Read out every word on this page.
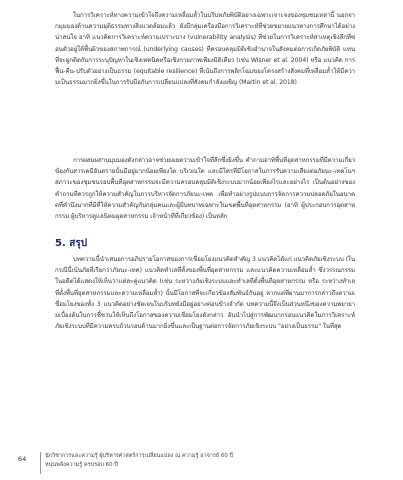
ในการวิเคราะห์ทางความเข้าใจถึงความเหลื่อมล้ำในบริบทภัยพิบัติอย่างเฉพาะเจาะจงของชุมชนเหล่านี้ นอกจากมุมมองด้านความยุติธรรมทางสิ่งแวดล้อมแล้ว ยังมีกลุ่มเครื่องมือการวิเคราะห์ที่ช่วยขยายแนวทางการศึกษาได้อย่างน่าสนใจ อาทิ แนวคิดการวิเคราะห์ความเปราะบาง (vulnerability analysis) ที่ช่วยในการวิเคราะห์สาเหตุเชิงลึกที่ซ่อนตัวอยู่ใต้พื้นผิวของสภาพการณ์ (underlying causes) ที่ครอบคลุมมิติเชิงอำนาจในสังคมต่อการเกิดภัยพิบัติ แทนที่จะผูกติดกับการระบุปัญหาในเชิงเทคนิคหรือเชิงกายภาพเพียงมิติเดียว (เช่น Wisner et al. 2004) หรือ แนวคิด การฟื้น-คืน-ปรับตัวอย่างเป็นธรรม (equitable resilience) ที่เน้นถึงการพลิกโฉมของโครงสร้างสังคมที่เหลื่อมล้ำให้มีความเป็นธรรมมากยิ่งขึ้นในการรับมือกับการเปลี่ยนแปลงที่สังคมกำลังเผชิญ (Martin et al. 2018)
การผสมผสานมุมมองดังกล่าวอาจช่วยเผยความเข้าใจที่ลึกซึ้งยิ่งขึ้น คำถามอาทิพื้นที่อุตสาหกรรมที่มีความเกี่ยวข้องกับสารเคมีอันตรายนั้นมีอยู่มากน้อยเพียงใด บริเวณใด และมีใครที่มีโอกาสในการรับความเสี่ยงต่อภัยนะ-เทคโนฯ สภาวะของชุมชนรอบพื้นที่อุตสาหกรรมจะมีความครอบคลุมมิติเชิงระบบมากน้อยเพียงไรและอย่างไร เป็นต้นอย่างของคำถามที่ควรถูกให้ความสำคัญในการบริหารจัดการภัยนะ-เทค เพื่อทำอย่างรูปแบบการจัดการความปลอดภัยในอนาคตที่คำนึงมากที่มีที่ให้ความสำคัญกับกลุ่มคนและผู้มีบทบาทเฉพาะในเขตพื้นที่อุตสาหกรรม (อาทิ ผู้ประกอบการอุตสาหกรรม ผู้บริหารดูแลนิคมอุตสาหกรรม เจ้าหน้าที่ที่เกี่ยวข้อง) เป็นหลัก
5. สรุป
บทความนี้นำเสนอการอภิปรายโอกาสของการเชื่อมโยงแนวคิดสำคัญ 3 แนวคิดได้แก่ แนวคิดภัยเชิงระบบ (ในกรณีนี้เน้นภัยที่เรียกว่าภัยนะ-เทค) แนวคิดทำเลที่ตั้งของพื้นที่อุตสาหกรรม และแนวคิดความเหลื่อมล้ำ ซึ่งวรรณกรรมในอดีตได้แสดงให้เห็นว่าแต่ละคู่แนวคิด (เช่น ระหว่างภัยเชิงระบบและทำเลที่ตั้งพื้นที่อุตสาหกรรม หรือ ระหว่างทำเลที่ตั้งพื้นที่อุตสาหกรรมและความเหลื่อมล้ำ) นั้นมีโอกาสที่จะเกี่ยวข้องสัมพันธ์กันอยู่ หากแต่ที่ผ่านมาการกล่าวถึงความเชื่อมโยงของทั้ง 3 แนวคิดอย่างชัดเจนในบริบทยังมีอยู่อย่างค่อนข้างจำกัด บทความนี้จึงเป็นส่วนหนึ่งของความพยายามเบื้องต้นในการชี้ชวนให้เห็นถึงโอกาสของความเชื่อมโยงดังกล่าว อันนำไปสู่การพัฒนากรอบแนวคิดในการวิเคราะห์ภัยเชิงระบบที่มีความครบถ้วนรอบด้านมากยิ่งขึ้นและเป็นฐานต่อการจัดการภัยเชิงระบบ "อย่างเป็นธรรม" ในที่สุด
64	นักวิชาการและความรู้ ผู้บริหารศาสตร์การเปลี่ยนแปลง ณ ความรู้ อาจารย์ 60 ปี
หนุนพลังความรู้ ครบรอบ 60 ปี
